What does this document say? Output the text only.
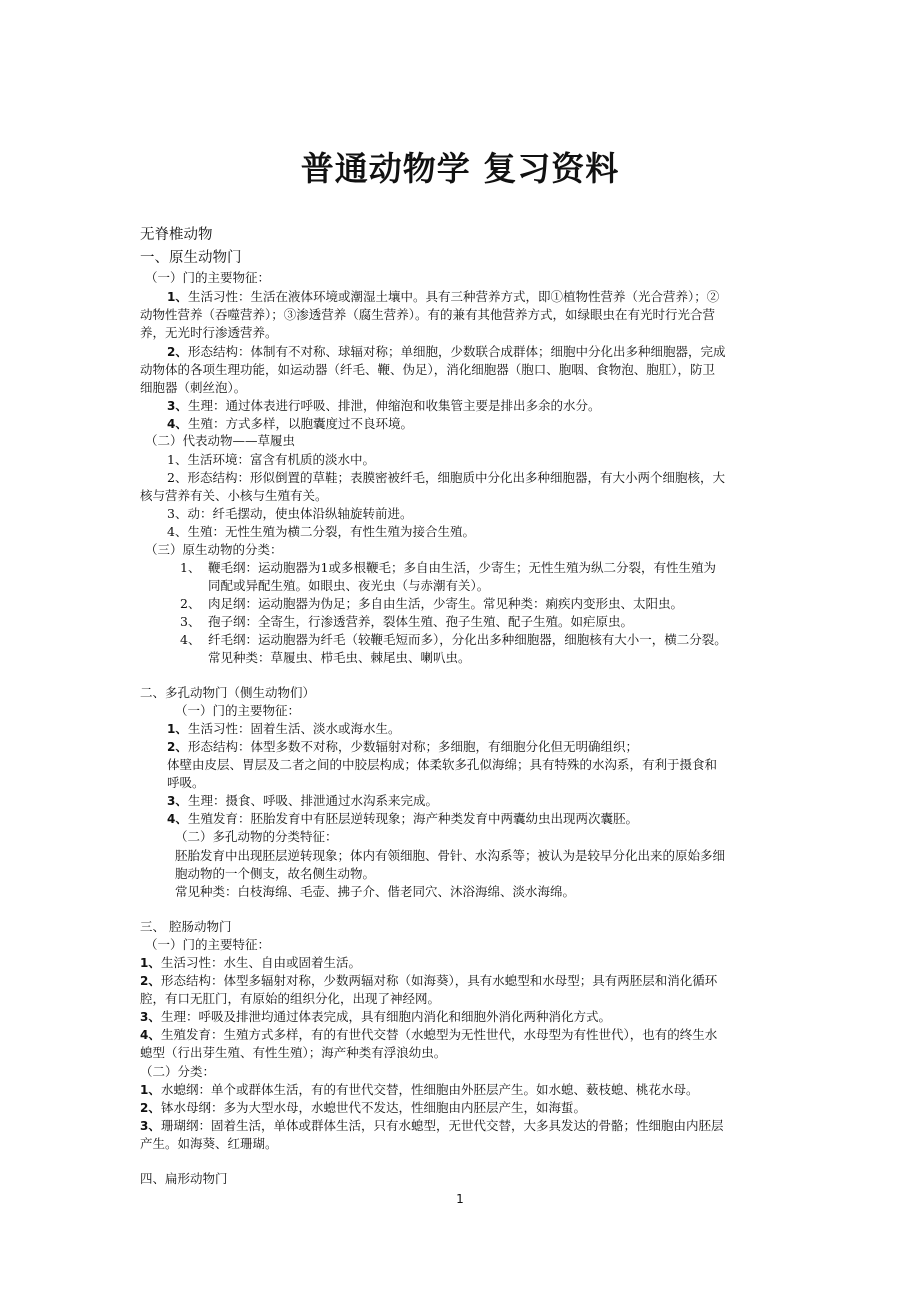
普通动物学 复习资料
无脊椎动物
一、原生动物门
（一）门的主要物征：
1、生活习性：生活在液体环境或潮湿土壤中。具有三种营养方式，即①植物性营养（光合营养）；②
动物性营养（吞噬营养）；③渗透营养（腐生营养）。有的兼有其他营养方式，如绿眼虫在有光时行光合营
养，无光时行渗透营养。
2、形态结构：体制有不对称、球辐对称；单细胞，少数联合成群体；细胞中分化出多种细胞器，完成
动物体的各项生理功能，如运动器（纤毛、鞭、伪足），消化细胞器（胞口、胞咽、食物泡、胞肛），防卫
细胞器（刺丝泡）。
3、生理：通过体表进行呼吸、排泄，伸缩泡和收集管主要是排出多余的水分。
4、生殖：方式多样，以胞囊度过不良环境。
（二）代表动物——草履虫
1、生活环境：富含有机质的淡水中。
2、形态结构：形似倒置的草鞋；表膜密被纤毛，细胞质中分化出多种细胞器，有大小两个细胞核，大
核与营养有关、小核与生殖有关。
3、动：纤毛摆动，使虫体沿纵轴旋转前进。
4、生殖：无性生殖为横二分裂，有性生殖为接合生殖。
（三）原生动物的分类：
1、 鞭毛纲：运动胞器为1或多根鞭毛；多自由生活，少寄生；无性生殖为纵二分裂，有性生殖为
同配或异配生殖。如眼虫、夜光虫（与赤潮有关）。
2、 肉足纲：运动胞器为伪足；多自由生活，少寄生。常见种类：痢疾内变形虫、太阳虫。
3、 孢子纲：全寄生，行渗透营养，裂体生殖、孢子生殖、配子生殖。如疟原虫。
4、 纤毛纲：运动胞器为纤毛（较鞭毛短而多），分化出多种细胞器，细胞核有大小一，横二分裂。
常见种类：草履虫、栉毛虫、棘尾虫、喇叭虫。
二、多孔动物门（侧生动物们）
（一）门的主要物征：
1、生活习性：固着生活、淡水或海水生。
2、形态结构：体型多数不对称，少数辐射对称；多细胞，有细胞分化但无明确组织；
体壁由皮层、胃层及二者之间的中胶层构成；体柔软多孔似海绵；具有特殊的水沟系，有利于摄食和
呼吸。
3、生理：摄食、呼吸、排泄通过水沟系来完成。
4、生殖发育：胚胎发育中有胚层逆转现象；海产种类发育中两囊幼虫出现两次囊胚。
（二）多孔动物的分类特征：
胚胎发育中出现胚层逆转现象；体内有领细胞、骨针、水沟系等；被认为是较早分化出来的原始多细
胞动物的一个侧支，故名侧生动物。
常见种类：白枝海绵、毛壶、拂子介、偕老同穴、沐浴海绵、淡水海绵。
三、 腔肠动物门
（一）门的主要特征：
1、生活习性：水生、自由或固着生活。
2、形态结构：体型多辐射对称，少数两辐对称（如海葵），具有水螅型和水母型；具有两胚层和消化循环
腔，有口无肛门，有原始的组织分化，出现了神经网。
3、生理：呼吸及排泄均通过体表完成，具有细胞内消化和细胞外消化两种消化方式。
4、生殖发育：生殖方式多样，有的有世代交替（水螅型为无性世代，水母型为有性世代），也有的终生水
螅型（行出芽生殖、有性生殖）；海产种类有浮浪幼虫。
（二）分类：
1、水螅纲：单个或群体生活，有的有世代交替，性细胞由外胚层产生。如水螅、薮枝螅、桃花水母。
2、钵水母纲：多为大型水母，水螅世代不发达，性细胞由内胚层产生，如海蜇。
3、珊瑚纲：固着生活，单体或群体生活，只有水螅型，无世代交替，大多具发达的骨骼；性细胞由内胚层
产生。如海葵、红珊瑚。
四、扁形动物门
1
